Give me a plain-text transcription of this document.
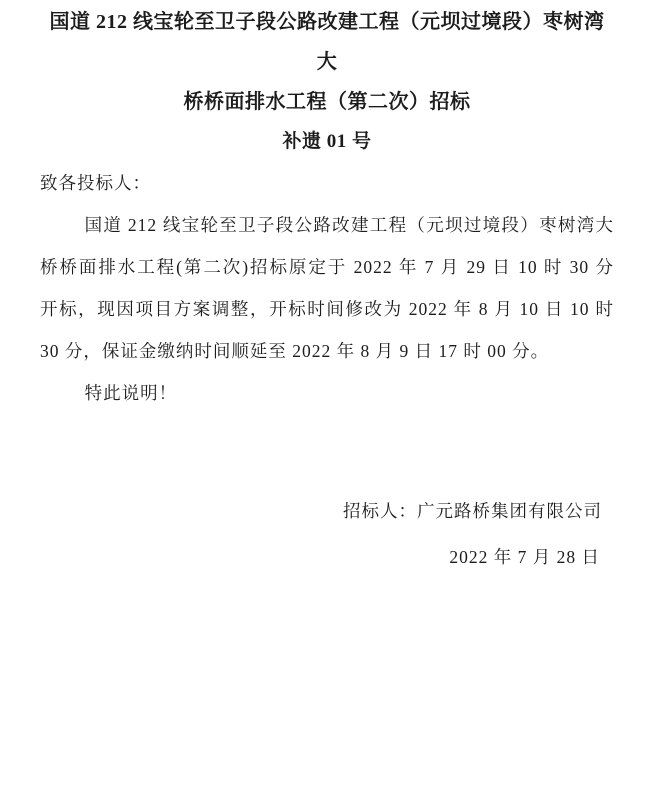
国道 212 线宝轮至卫子段公路改建工程（元坝过境段）枣树湾大
桥桥面排水工程（第二次）招标
补遗 01 号
致各投标人：
国道 212 线宝轮至卫子段公路改建工程（元坝过境段）枣树湾大
桥桥面排水工程(第二次)招标原定于 2022 年 7 月 29 日 10 时 30 分
开标，现因项目方案调整，开标时间修改为 2022 年 8 月 10 日 10 时
30 分，保证金缴纳时间顺延至 2022 年 8 月 9 日 17 时 00 分。
特此说明！
招标人：广元路桥集团有限公司
2022 年 7 月 28 日
